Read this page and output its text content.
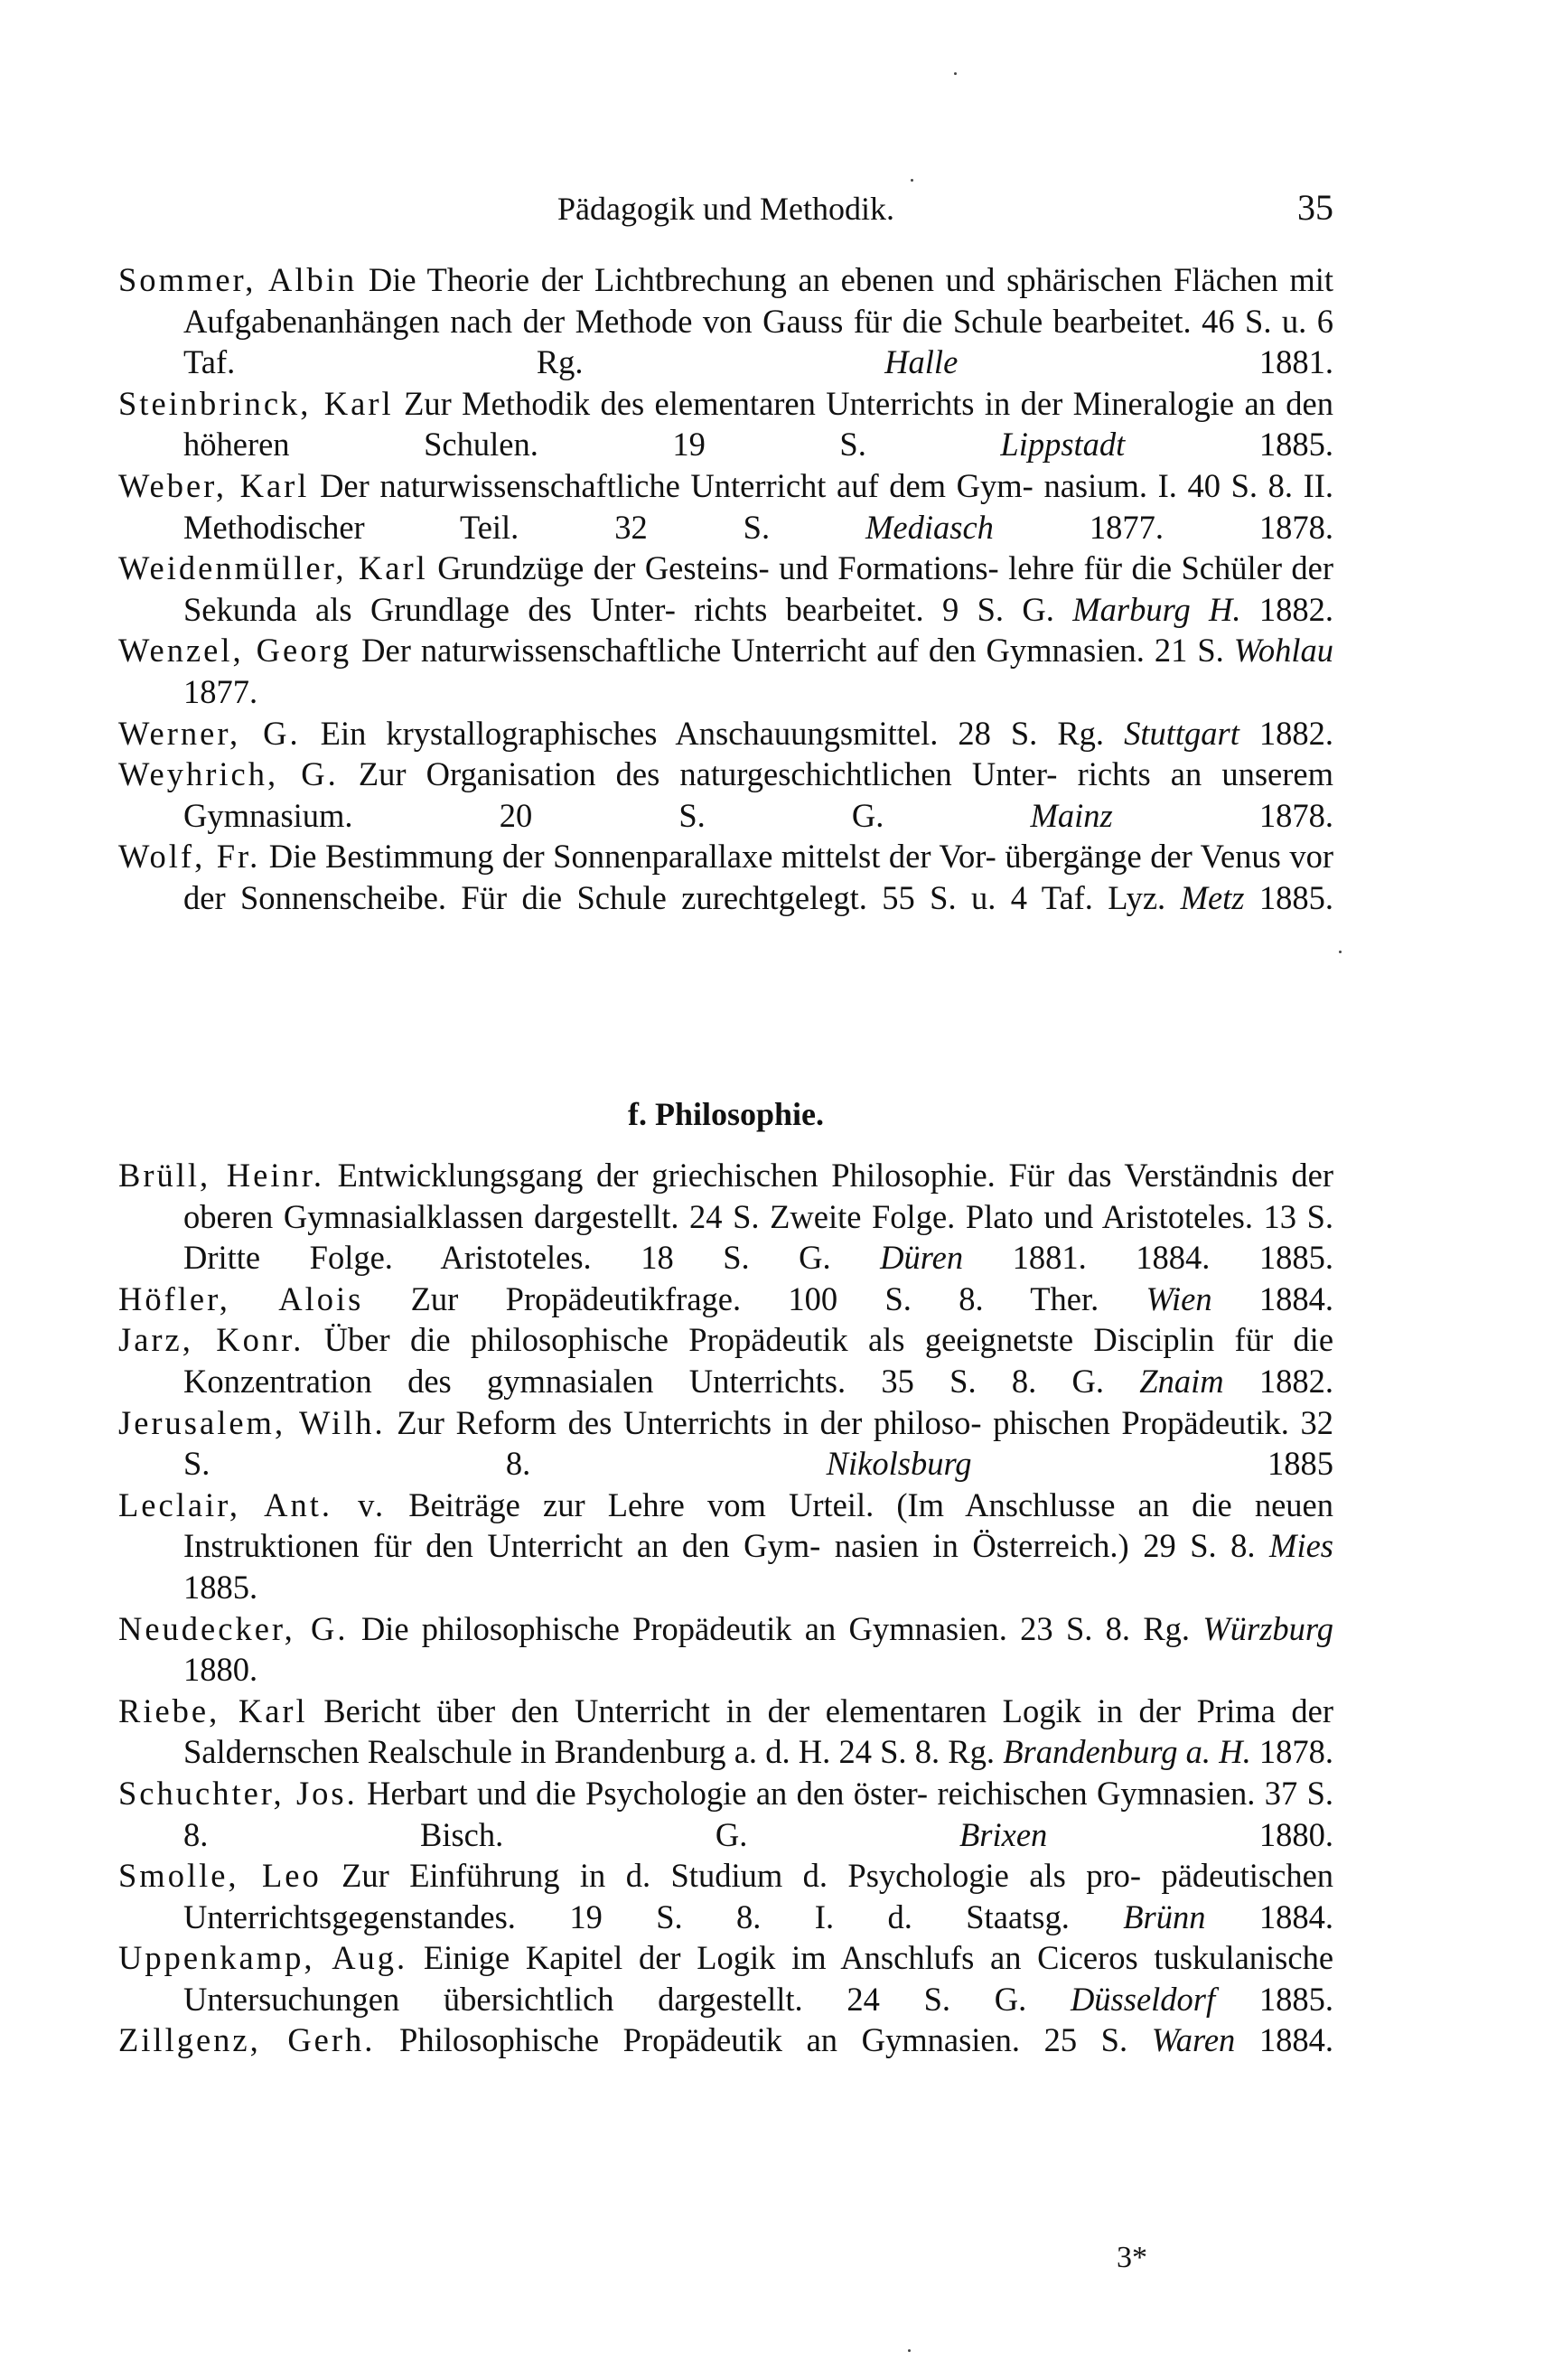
Pädagogik und Methodik.	35
Sommer, Albin Die Theorie der Lichtbrechung an ebenen und sphärischen Flächen mit Aufgabenanhängen nach der Methode von Gauss für die Schule bearbeitet. 46 S. u. 6 Taf. Rg.	Halle	1881.
Steinbrinck, Karl Zur Methodik des elementaren Unterrichts in der Mineralogie an den höheren Schulen. 19 S.	Lippstadt	1885.
Weber, Karl Der naturwissenschaftliche Unterricht auf dem Gym- nasium. I. 40 S. 8. II. Methodischer Teil. 32 S.	Mediasch	1877. 1878.
Weidenmüller, Karl Grundzüge der Gesteins- und Formations- lehre für die Schüler der Sekunda als Grundlage des Unter- richts bearbeitet. 9 S. G. Marburg H. 1882.
Wenzel, Georg Der naturwissenschaftliche Unterricht auf den Gymnasien. 21 S. Wohlau 1877.
Werner, G. Ein krystallographisches Anschauungsmittel. 28 S. Rg. Stuttgart 1882.
Weyhrich, G. Zur Organisation des naturgeschichtlichen Unter- richts an unserem Gymnasium. 20 S. G.	Mainz	1878.
Wolf, Fr. Die Bestimmung der Sonnenparallaxe mittelst der Vor- übergänge der Venus vor der Sonnenscheibe. Für die Schule zurechtgelegt. 55 S. u. 4 Taf. Lyz. Metz 1885.
f. Philosophie.
Brüll, Heinr. Entwicklungsgang der griechischen Philosophie. Für das Verständnis der oberen Gymnasialklassen dargestellt. 24 S. Zweite Folge. Plato und Aristoteles. 13 S. Dritte Folge. Aristoteles. 18 S. G. Düren 1881. 1884. 1885.
Höfler, Alois Zur Propädeutikfrage. 100 S. 8. Ther. Wien 1884.
Jarz, Konr. Über die philosophische Propädeutik als geeignetste Disciplin für die Konzentration des gymnasialen Unterrichts. 35 S. 8. G. Znaim 1882.
Jerusalem, Wilh. Zur Reform des Unterrichts in der philoso- phischen Propädeutik. 32 S. 8.	Nikolsburg	1885
Leclair, Ant. v. Beiträge zur Lehre vom Urteil. (Im Anschlusse an die neuen Instruktionen für den Unterricht an den Gym- nasien in Österreich.) 29 S. 8. Mies 1885.
Neudecker, G. Die philosophische Propädeutik an Gymnasien. 23 S. 8. Rg. Würzburg 1880.
Riebe, Karl Bericht über den Unterricht in der elementaren Logik in der Prima der Saldernschen Realschule in Brandenburg a. d. H. 24 S. 8. Rg. Brandenburg a. H. 1878.
Schuchter, Jos. Herbart und die Psychologie an den öster- reichischen Gymnasien. 37 S. 8. Bisch. G.	Brixen	1880.
Smolle, Leo Zur Einführung in d. Studium d. Psychologie als pro- pädeutischen Unterrichtsgegenstandes. 19 S. 8. I. d. Staatsg. Brünn 1884.
Uppenkamp, Aug. Einige Kapitel der Logik im Anschlufs an Ciceros tuskulanische Untersuchungen übersichtlich dargestellt. 24 S. G. Düsseldorf 1885.
Zillgenz, Gerh. Philosophische Propädeutik an Gymnasien. 25 S. Waren 1884.
3*
